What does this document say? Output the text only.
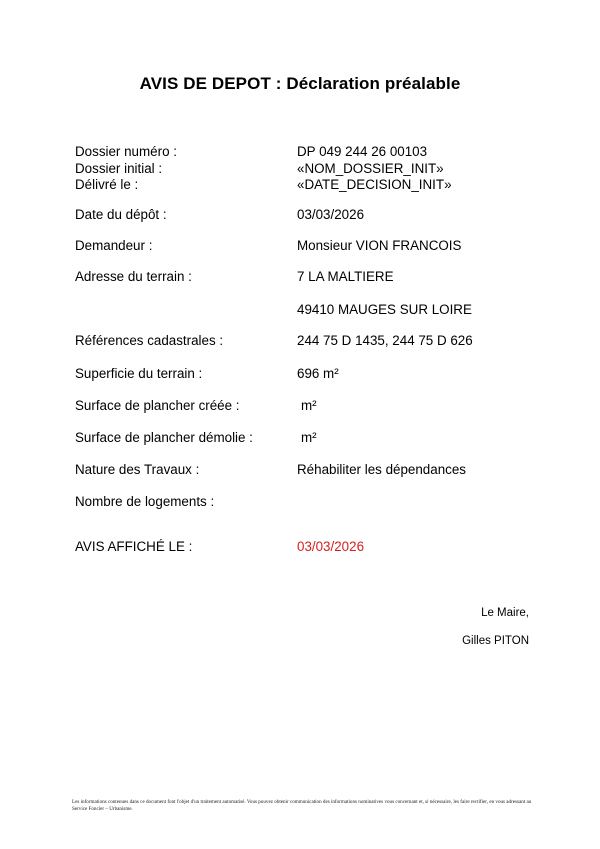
AVIS DE DEPOT : Déclaration préalable
Dossier numéro :	DP 049 244 26 00103
Dossier initial :	«NOM_DOSSIER_INIT»
Délivré le :	«DATE_DECISION_INIT»
Date du dépôt :	03/03/2026
Demandeur :	Monsieur VION FRANCOIS
Adresse du terrain :	7 LA MALTIERE
49410 MAUGES SUR LOIRE
Références cadastrales :	244 75 D 1435, 244 75 D 626
Superficie du terrain :	696 m²
Surface de plancher créée :	m²
Surface de plancher démolie :	m²
Nature des Travaux :	Réhabiliter les dépendances
Nombre de logements :
AVIS AFFICHÉ LE :	03/03/2026
Le Maire,
Gilles PITON
Les informations contenues dans ce document font l'objet d'un traitement automatisé. Vous pouvez obtenir communication des informations nominatives vous concernant et, si nécessaire, les faire rectifier, en vous adressant au Service Foncier – Urbanisme.
